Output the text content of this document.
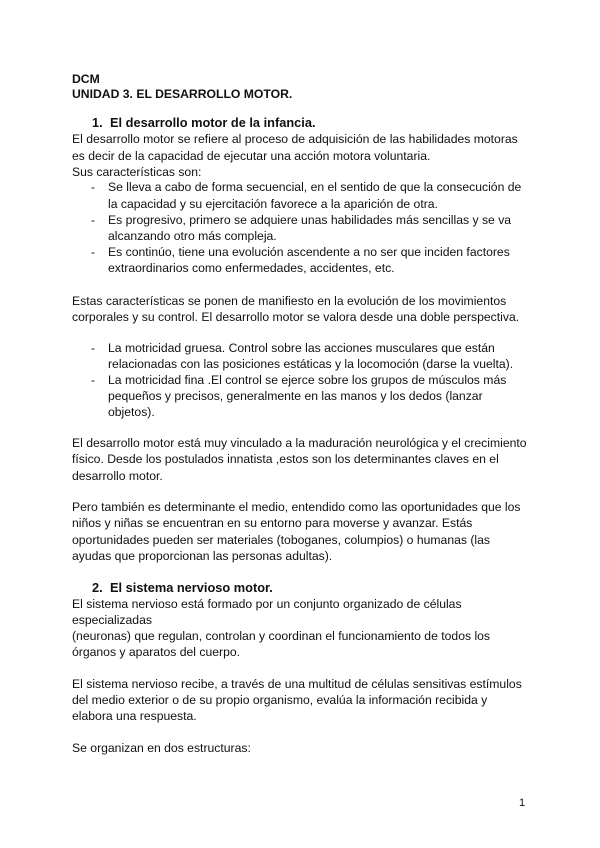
DCM
UNIDAD 3. EL DESARROLLO MOTOR.
1. El desarrollo motor de la infancia.
El desarrollo motor se refiere al proceso de adquisición de las habilidades motoras
es decir de la capacidad de ejecutar una acción motora voluntaria.
Sus características son:
- Se lleva a cabo de forma secuencial, en el sentido de que la consecución de
la capacidad y su ejercitación favorece a la aparición de otra.
- Es progresivo, primero se adquiere unas habilidades más sencillas y se va
alcanzando otro más compleja.
- Es continúo, tiene una evolución ascendente a no ser que inciden factores
extraordinarios como enfermedades, accidentes, etc.
Estas características se ponen de manifiesto en la evolución de los movimientos
corporales y su control. El desarrollo motor se valora desde una doble perspectiva.
- La motricidad gruesa. Control sobre las acciones musculares que están
relacionadas con las posiciones estáticas y la locomoción (darse la vuelta).
- La motricidad fina .El control se ejerce sobre los grupos de músculos más
pequeños y precisos, generalmente en las manos y los dedos (lanzar
objetos).
El desarrollo motor está muy vinculado a la maduración neurológica y el crecimiento
físico. Desde los postulados innatista ,estos son los determinantes claves en el
desarrollo motor.
Pero también es determinante el medio, entendido como las oportunidades que los
niños y niñas se encuentran en su entorno para moverse y avanzar. Estás
oportunidades pueden ser materiales (toboganes, columpios) o humanas (las
ayudas que proporcionan las personas adultas).
2. El sistema nervioso motor.
El sistema nervioso está formado por un conjunto organizado de células
especializadas
(neuronas) que regulan, controlan y coordinan el funcionamiento de todos los
órganos y aparatos del cuerpo.
El sistema nervioso recibe, a través de una multitud de células sensitivas estímulos
del medio exterior o de su propio organismo, evalúa la información recibida y
elabora una respuesta.
Se organizan en dos estructuras:
1
